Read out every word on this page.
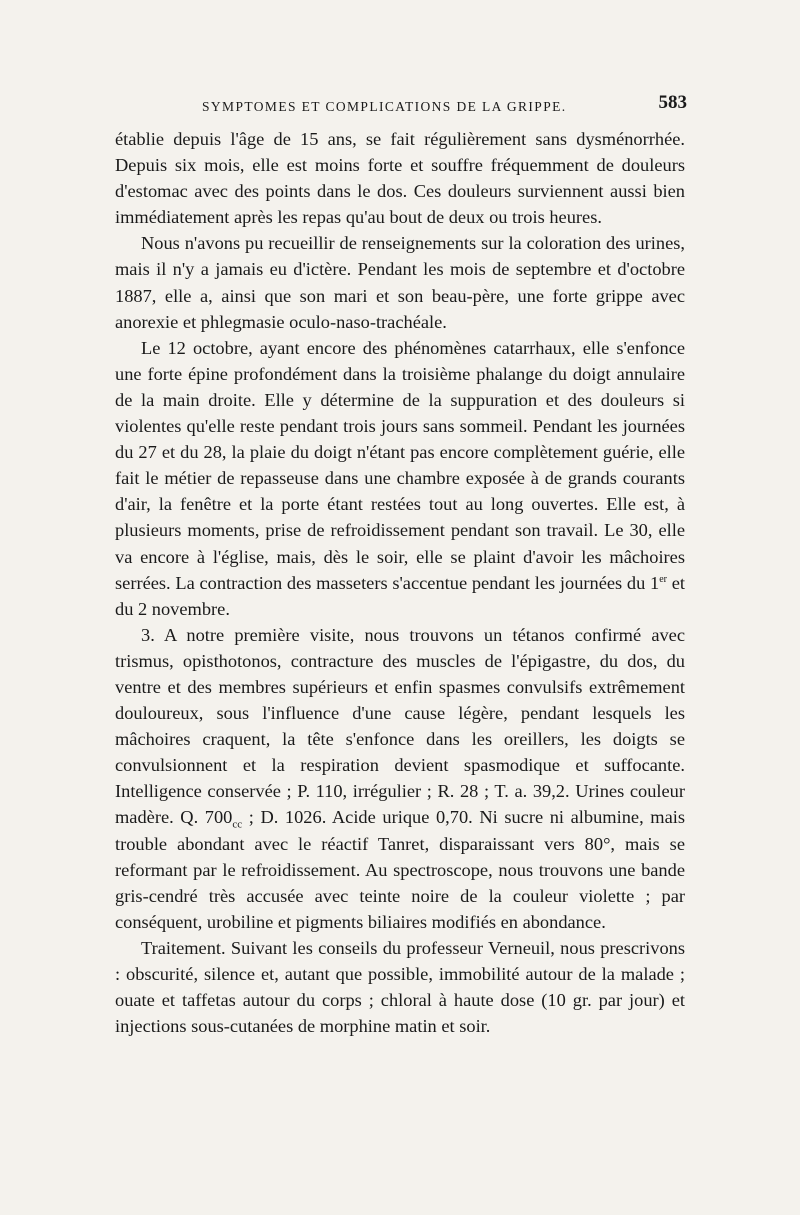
SYMPTOMES ET COMPLICATIONS DE LA GRIPPE.	583

établie depuis l'âge de 15 ans, se fait régulièrement sans dysménorrhée. Depuis six mois, elle est moins forte et souffre fréquemment de douleurs d'estomac avec des points dans le dos. Ces douleurs surviennent aussi bien immédiatement après les repas qu'au bout de deux ou trois heures.

Nous n'avons pu recueillir de renseignements sur la coloration des urines, mais il n'y a jamais eu d'ictère. Pendant les mois de septembre et d'octobre 1887, elle a, ainsi que son mari et son beau-père, une forte grippe avec anorexie et phlegmasie oculo-naso-trachéale.

Le 12 octobre, ayant encore des phénomènes catarrhaux, elle s'enfonce une forte épine profondément dans la troisième phalange du doigt annulaire de la main droite. Elle y détermine de la suppuration et des douleurs si violentes qu'elle reste pendant trois jours sans sommeil. Pendant les journées du 27 et du 28, la plaie du doigt n'étant pas encore complètement guérie, elle fait le métier de repasseuse dans une chambre exposée à de grands courants d'air, la fenêtre et la porte étant restées tout au long ouvertes. Elle est, à plusieurs moments, prise de refroidissement pendant son travail. Le 30, elle va encore à l'église, mais, dès le soir, elle se plaint d'avoir les mâchoires serrées. La contraction des masseters s'accentue pendant les journées du 1er et du 2 novembre.

3. A notre première visite, nous trouvons un tétanos confirmé avec trismus, opisthotonos, contracture des muscles de l'épigastre, du dos, du ventre et des membres supérieurs et enfin spasmes convulsifs extrêmement douloureux, sous l'influence d'une cause légère, pendant lesquels les mâchoires craquent, la tête s'enfonce dans les oreillers, les doigts se convulsionnent et la respiration devient spasmodique et suffocante. Intelligence conservée ; P. 110, irrégulier ; R. 28 ; T. a. 39,2. Urines couleur madère. Q. $700_{cc}$ ; D. 1026. Acide urique 0,70. Ni sucre ni albumine, mais trouble abondant avec le réactif Tanret, disparaissant vers 80°, mais se reformant par le refroidissement. Au spectroscope, nous trouvons une bande gris-cendré très accusée avec teinte noire de la couleur violette ; par conséquent, urobiline et pigments biliaires modifiés en abondance.

Traitement. Suivant les conseils du professeur Verneuil, nous prescrivons : obscurité, silence et, autant que possible, immobilité autour de la malade ; ouate et taffetas autour du corps ; chloral à haute dose (10 gr. par jour) et injections sous-cutanées de morphine matin et soir.
